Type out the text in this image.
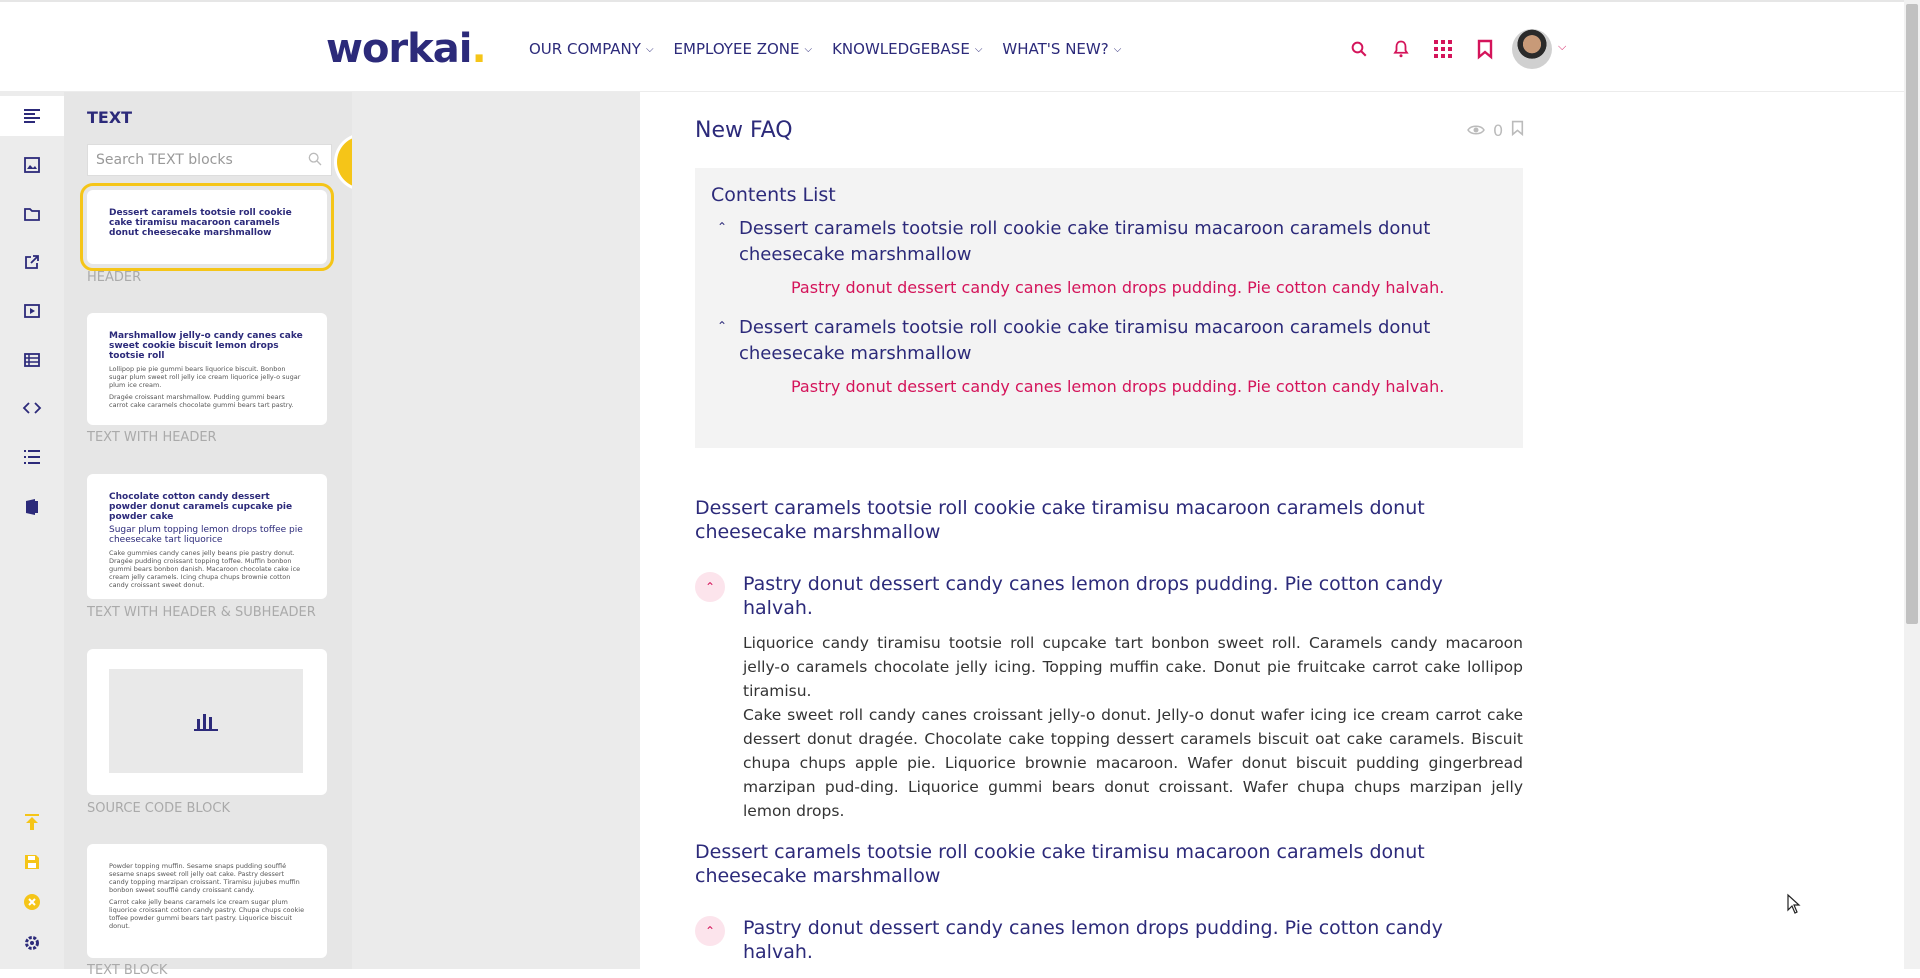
workai.	OUR COMPANY ⌵ EMPLOYEE ZONE ⌵ KNOWLEDGEBASE ⌵ WHAT'S NEW? ⌵	⌵
TEXT
Search TEXT blocks
Dessert caramels tootsie roll cookie cake tiramisu macaroon caramels donut cheesecake marshmallow
HEADER
Marshmallow jelly-o candy canes cake sweet cookie biscuit lemon drops tootsie roll

Lollipop pie pie gummi bears liquorice biscuit. Bonbon sugar plum sweet roll jelly ice cream liquorice jelly-o sugar plum ice cream.

Dragée croissant marshmallow. Pudding gummi bears carrot cake caramels chocolate gummi bears tart pastry.

TEXT WITH HEADER
Chocolate cotton candy dessert powder donut caramels cupcake pie powder cake
Sugar plum topping lemon drops toffee pie cheesecake tart liquorice

Cake gummies candy canes jelly beans pie pastry donut. Dragée pudding croissant topping toffee. Muffin bonbon gummi bears bonbon danish. Macaroon chocolate cake ice cream jelly caramels. Icing chupa chups brownie cotton candy croissant sweet donut.

TEXT WITH HEADER & SUBHEADER
SOURCE CODE BLOCK

Powder topping muffin. Sesame snaps pudding soufflé sesame snaps sweet roll jelly oat cake. Pastry dessert candy topping marzipan croissant. Tiramisu jujubes muffin bonbon sweet soufflé candy croissant candy.

Carrot cake jelly beans caramels ice cream sugar plum liquorice croissant cotton candy pastry. Chupa chups cookie toffee powder gummi bears tart pastry. Liquorice biscuit donut.

TEXT BLOCK
New FAQ	0
Contents List
⌃ Dessert caramels tootsie roll cookie cake tiramisu macaroon caramels donut cheesecake marshmallow
Pastry donut dessert candy canes lemon drops pudding. Pie cotton candy halvah.
⌃ Dessert caramels tootsie roll cookie cake tiramisu macaroon caramels donut cheesecake marshmallow
Pastry donut dessert candy canes lemon drops pudding. Pie cotton candy halvah.
Dessert caramels tootsie roll cookie cake tiramisu macaroon caramels donut cheesecake marshmallow
⌃	Pastry donut dessert candy canes lemon drops pudding. Pie cotton candy halvah.
Liquorice candy tiramisu tootsie roll cupcake tart bonbon sweet roll. Caramels candy macaroon jelly-o caramels chocolate jelly icing. Topping muffin cake. Donut pie fruitcake carrot cake lollipop tiramisu.
Cake sweet roll candy canes croissant jelly-o donut. Jelly-o donut wafer icing ice cream carrot cake dessert donut dragée. Chocolate cake topping dessert caramels biscuit oat cake caramels. Biscuit chupa chups apple pie. Liquorice brownie macaroon. Wafer donut biscuit pudding gingerbread marzipan pud-ding. Liquorice gummi bears donut croissant. Wafer chupa chups marzipan jelly lemon drops.
Dessert caramels tootsie roll cookie cake tiramisu macaroon caramels donut cheesecake marshmallow
⌃	Pastry donut dessert candy canes lemon drops pudding. Pie cotton candy halvah.
